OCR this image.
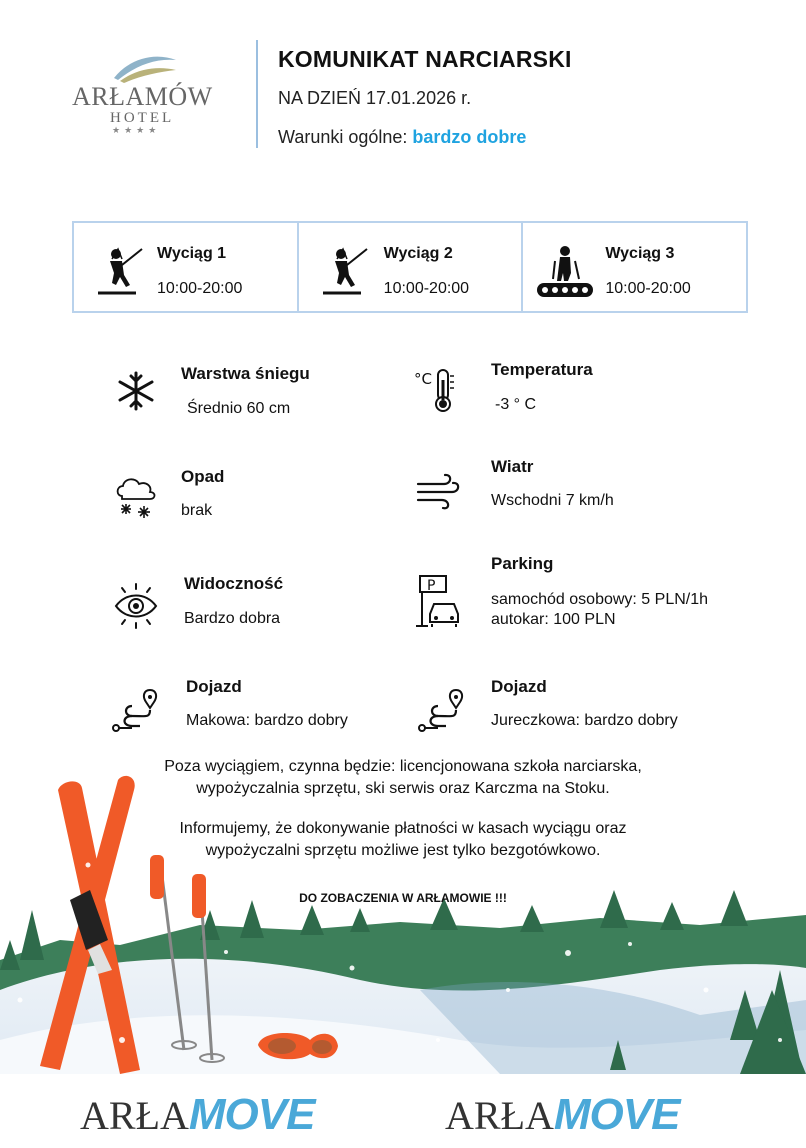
ARŁAMÓW
HOTEL
★★★★
KOMUNIKAT NARCIARSKI
NA DZIEŃ 17.01.2026 r.
Warunki ogólne: bardzo dobre
Wyciąg 1
10:00-20:00
Wyciąg 2
10:00-20:00
Wyciąg 3
10:00-20:00
Warstwa śniegu
Średnio 60 cm
°C	Temperatura
-3 ° C
Opad
brak
Wiatr
Wschodni 7 km/h
Widoczność
Bardzo dobra
P
Parking
samochód osobowy: 5 PLN/1h
autokar: 100 PLN
Dojazd
Makowa: bardzo dobry
Dojazd
Jureczkowa: bardzo dobry
Poza wyciągiem, czynna będzie: licencjonowana szkoła narciarska,
wypożyczalnia sprzętu, ski serwis oraz Karczma na Stoku.
Informujemy, że dokonywanie płatności w kasach wyciągu oraz
wypożyczalni sprzętu możliwe jest tylko bezgotówkowo.
DO ZOBACZENIA W ARŁAMOWIE !!!
ARŁAMOVE	ARŁAMOVE
